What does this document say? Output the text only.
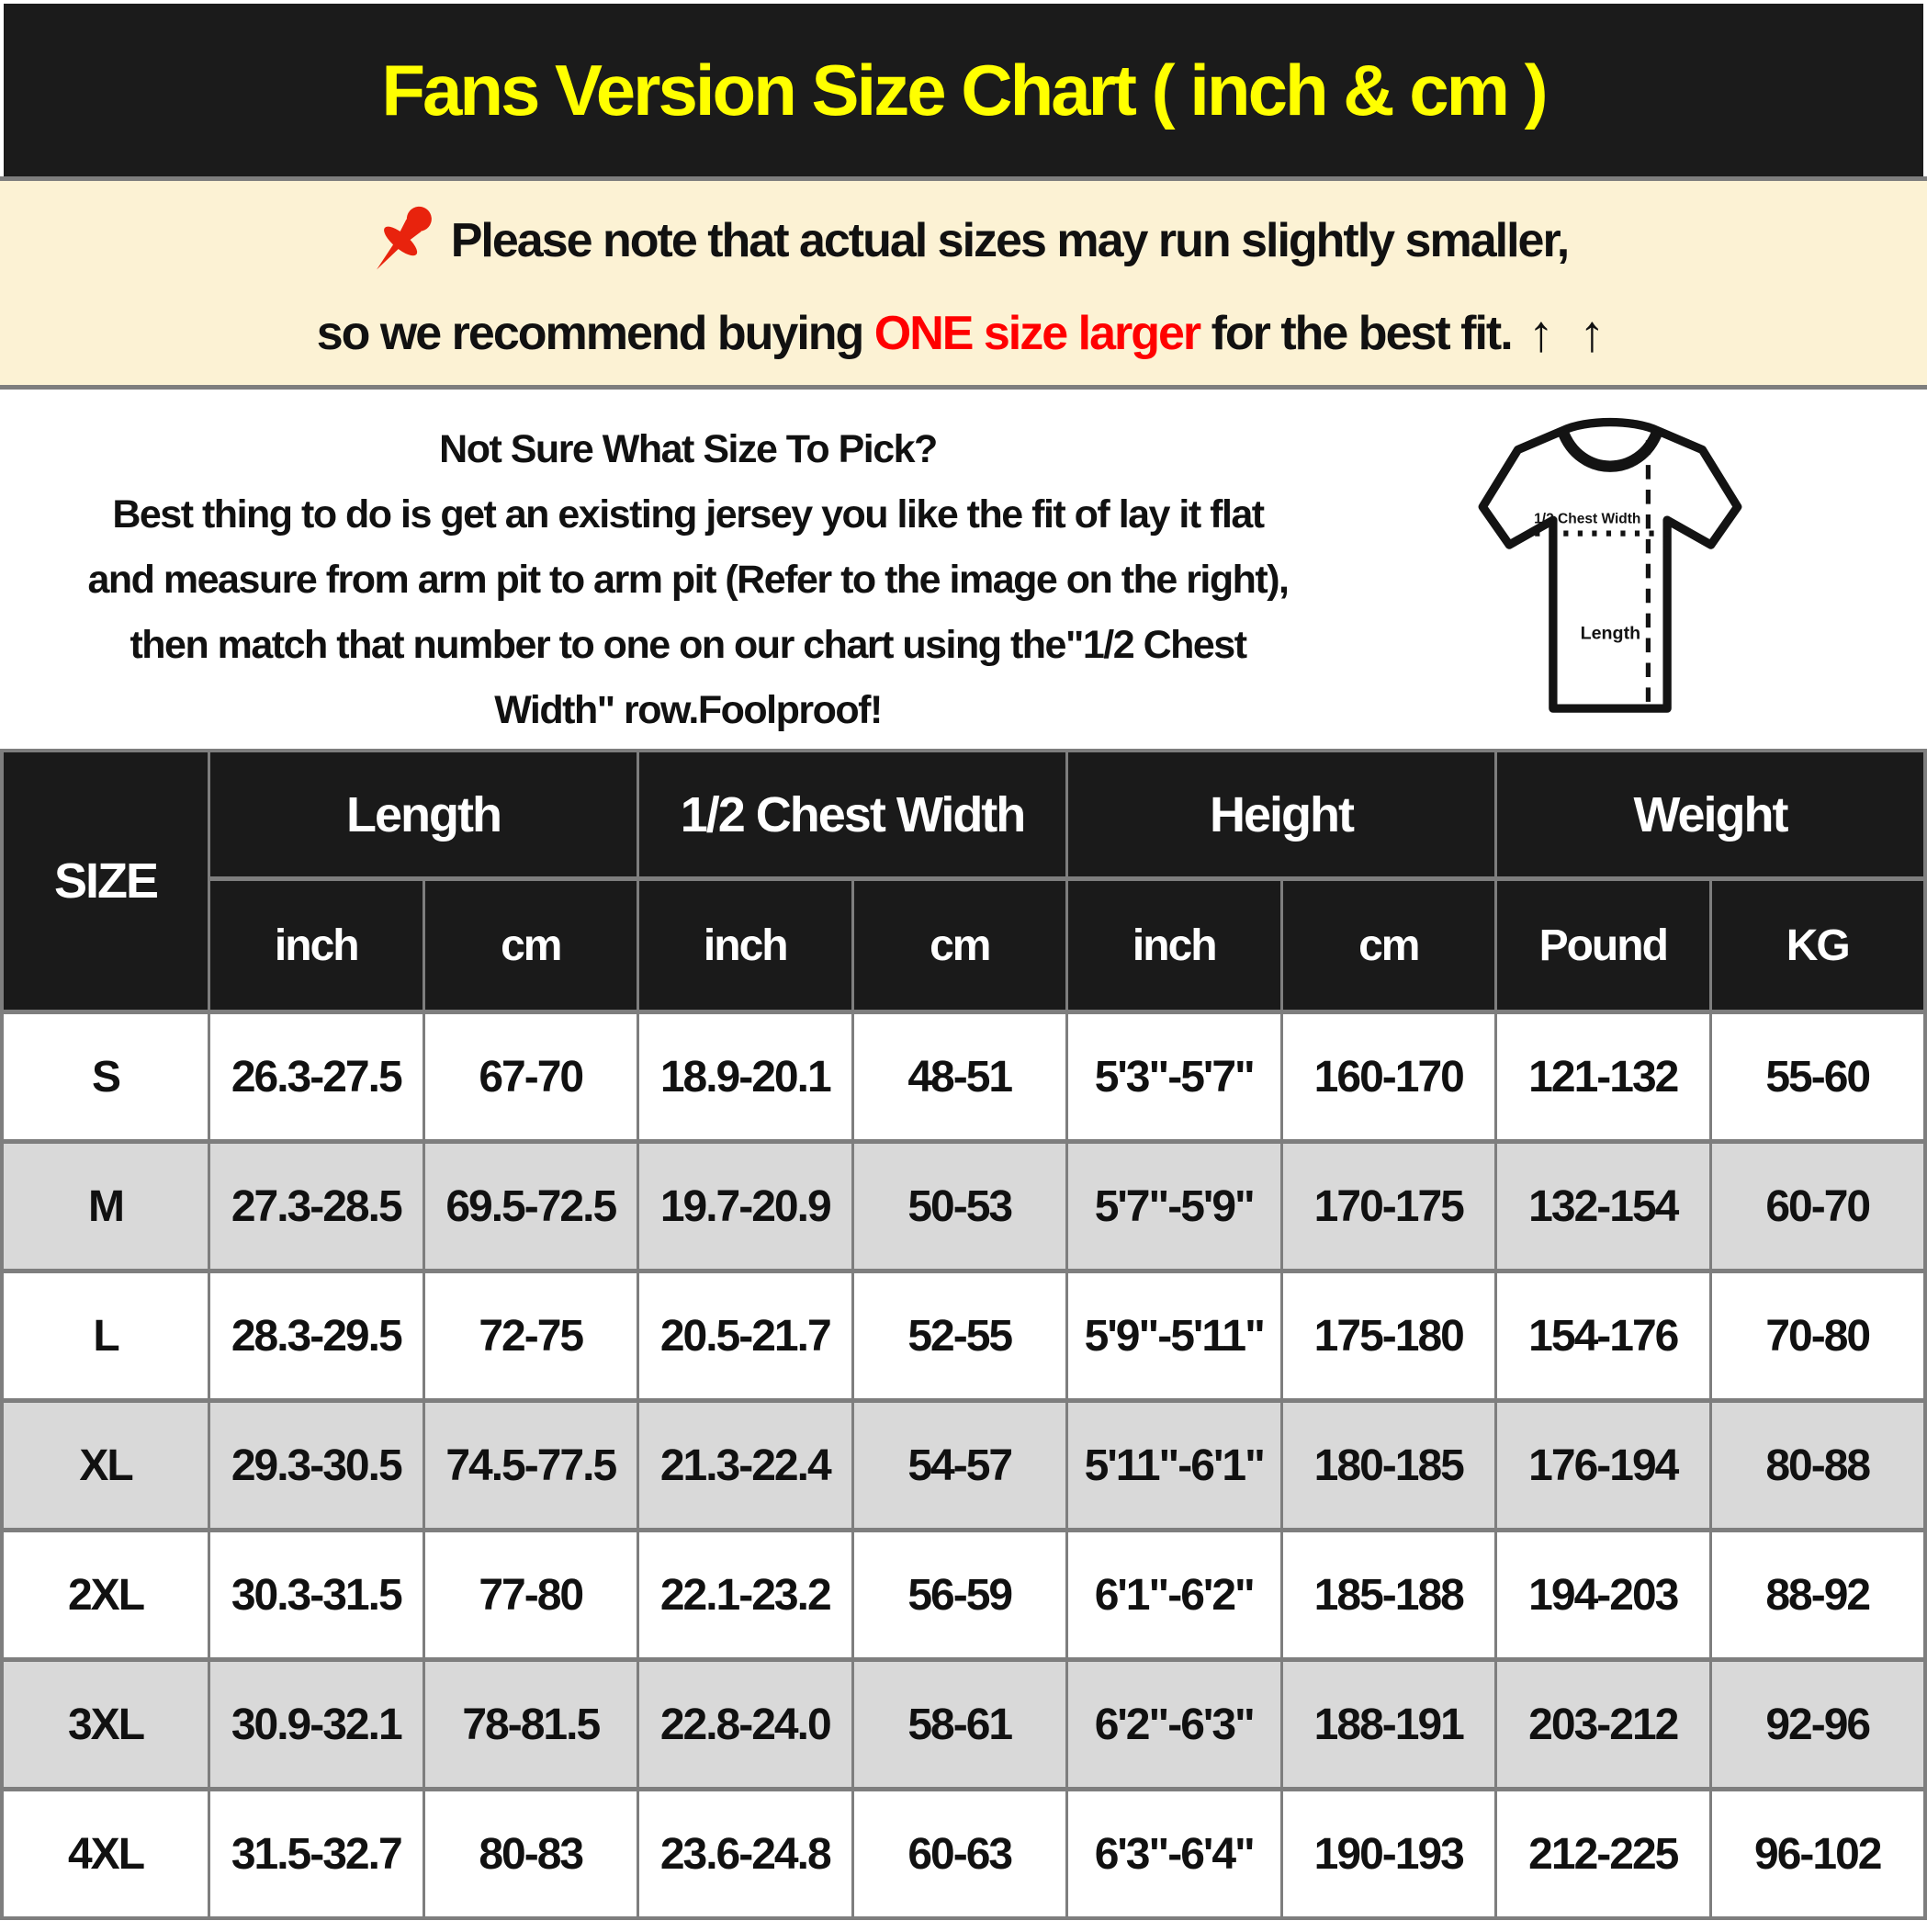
Fans Version Size Chart ( inch & cm )

Please note that actual sizes may run slightly smaller,

so we recommend buying ONE size larger for the best fit. ↑ ↑

Not Sure What Size To Pick?

Best thing to do is get an existing jersey you like the fit of lay it flat

and measure from arm pit to arm pit (Refer to the image on the right),

then match that number to one on our chart using the"1/2 Chest

Width" row.Foolproof!

1/2 Chest Width
Length
SIZE
Length	1/2 Chest Width	Height	Weight
inch	cm	inch	cm	inch	cm	Pound	KG
S	26.3-27.5	67-70	18.9-20.1	48-51	5'3"-5'7"	160-170	121-132	55-60
M	27.3-28.5	69.5-72.5	19.7-20.9	50-53	5'7"-5'9"	170-175	132-154	60-70
L	28.3-29.5	72-75	20.5-21.7	52-55	5'9"-5'11"	175-180	154-176	70-80
XL	29.3-30.5	74.5-77.5	21.3-22.4	54-57	5'11"-6'1"	180-185	176-194	80-88
2XL	30.3-31.5	77-80	22.1-23.2	56-59	6'1"-6'2"	185-188	194-203	88-92
3XL	30.9-32.1	78-81.5	22.8-24.0	58-61	6'2"-6'3"	188-191	203-212	92-96
4XL	31.5-32.7	80-83	23.6-24.8	60-63	6'3"-6'4"	190-193	212-225	96-102
